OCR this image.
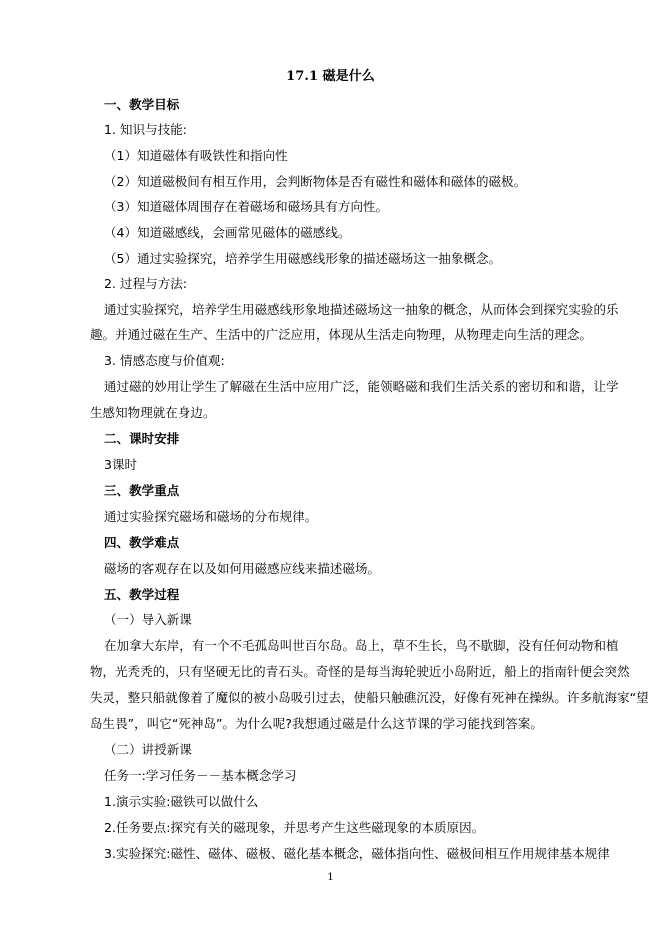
17.1 磁是什么
一、教学目标
1. 知识与技能:
（1）知道磁体有吸铁性和指向性
（2）知道磁极间有相互作用，会判断物体是否有磁性和磁体和磁体的磁极。
（3）知道磁体周围存在着磁场和磁场具有方向性。
（4）知道磁感线，会画常见磁体的磁感线。
（5）通过实验探究，培养学生用磁感线形象的描述磁场这一抽象概念。
2. 过程与方法:
通过实验探究，培养学生用磁感线形象地描述磁场这一抽象的概念，从而体会到探究实验的乐
趣。并通过磁在生产、生活中的广泛应用，体现从生活走向物理，从物理走向生活的理念。
3. 情感态度与价值观:
通过磁的妙用让学生了解磁在生活中应用广泛，能领略磁和我们生活关系的密切和和谐，让学
生感知物理就在身边。
二、课时安排
3课时
三、教学重点
通过实验探究磁场和磁场的分布规律。
四、教学难点
磁场的客观存在以及如何用磁感应线来描述磁场。
五、教学过程
（一）导入新课
在加拿大东岸，有一个不毛孤岛叫世百尔岛。岛上，草不生长，鸟不歇脚，没有任何动物和植
物，光秃秃的，只有坚硬无比的青石头。奇怪的是每当海轮驶近小岛附近，船上的指南针便会突然
失灵，整只船就像着了魔似的被小岛吸引过去，使船只触礁沉没，好像有死神在操纵。许多航海家“望
岛生畏”，叫它“死神岛”。为什么呢?我想通过磁是什么这节课的学习能找到答案。
（二）讲授新课
任务一:学习任务－－基本概念学习
1.演示实验:磁铁可以做什么
2.任务要点:探究有关的磁现象，并思考产生这些磁现象的本质原因。
3.实验探究:磁性、磁体、磁极、磁化基本概念，磁体指向性、磁极间相互作用规律基本规律
1
